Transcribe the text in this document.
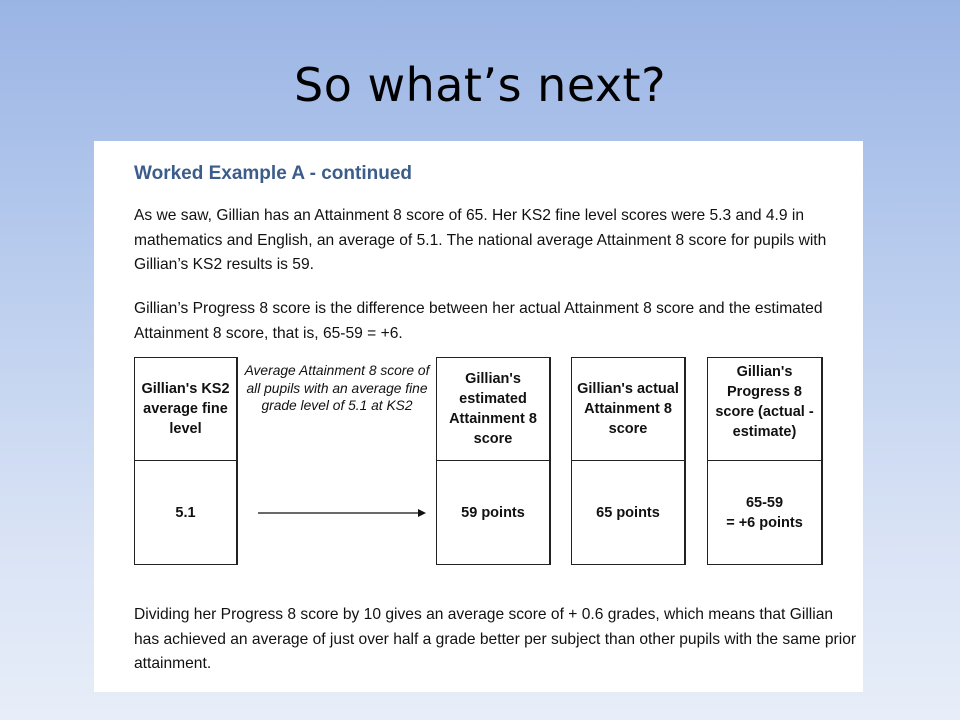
So what’s next?
Worked Example A - continued
As we saw, Gillian has an Attainment 8 score of 65. Her KS2 fine level scores were 5.3 and 4.9 in mathematics and English, an average of 5.1. The national average Attainment 8 score for pupils with Gillian’s KS2 results is 59.
Gillian’s Progress 8 score is the difference between her actual Attainment 8 score and the estimated Attainment 8 score, that is, 65-59 = +6.
Gillian's KS2 average fine level
5.1
Average Attainment 8 score of all pupils with an average fine grade level of 5.1 at KS2
Gillian's estimated Attainment 8 score
59 points
Gillian's actual Attainment 8 score
65 points
Gillian's Progress 8 score (actual - estimate)
65-59
= +6 points
Dividing her Progress 8 score by 10 gives an average score of + 0.6 grades, which means that Gillian has achieved an average of just over half a grade better per subject than other pupils with the same prior attainment.
